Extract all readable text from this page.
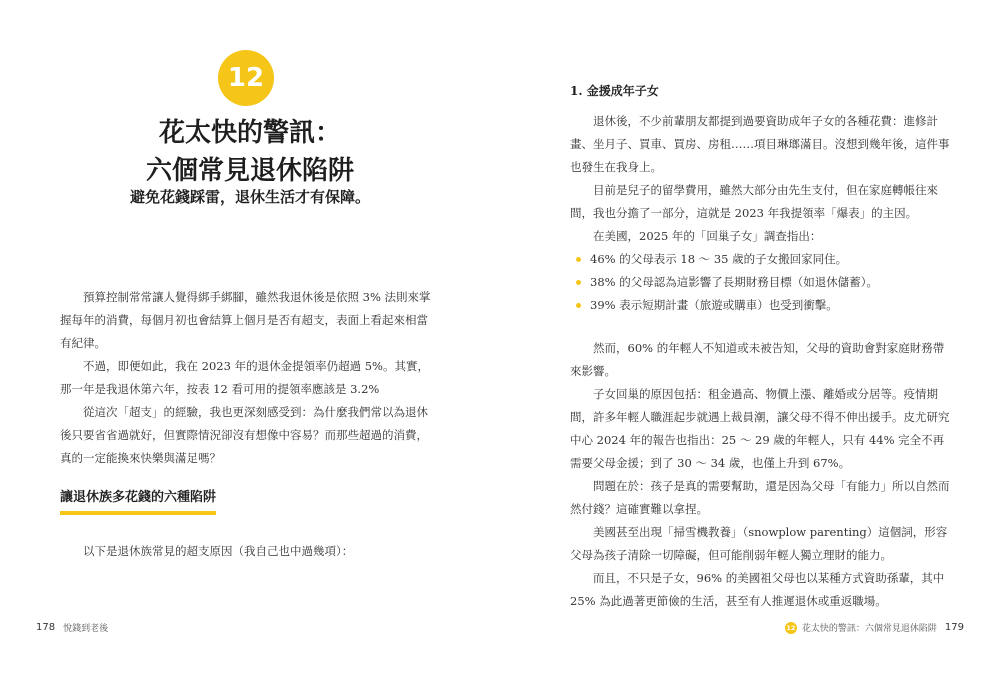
12
花太快的警訊：
六個常見退休陷阱
避免花錢踩雷，退休生活才有保障。

預算控制常常讓人覺得綁手綁腳，雖然我退休後是依照 3% 法則來掌握每年的消費，每個月初也會結算上個月是否有超支，表面上看起來相當有紀律。

不過，即便如此，我在 2023 年的退休金提領率仍超過 5%。其實，那一年是我退休第六年，按表 12 看可用的提領率應該是 3.2%

從這次「超支」的經驗，我也更深刻感受到：為什麼我們常以為退休後只要省省過就好，但實際情況卻沒有想像中容易？而那些超過的消費，真的一定能換來快樂與滿足嗎？

讓退休族多花錢的六種陷阱
以下是退休族常見的超支原因（我自己也中過幾項）：
178 悅錢到老後
1. 金援成年子女

退休後，不少前輩朋友都提到過要資助成年子女的各種花費：進修計畫、坐月子、買車、買房、房租……項目琳瑯滿目。沒想到幾年後，這件事也發生在我身上。

目前是兒子的留學費用，雖然大部分由先生支付，但在家庭轉帳往來間，我也分擔了一部分，這就是 2023 年我提領率「爆表」的主因。

在美國，2025 年的「回巢子女」調查指出：

46% 的父母表示 18 ～ 35 歲的子女搬回家同住。
38% 的父母認為這影響了長期財務目標（如退休儲蓄）。
39% 表示短期計畫（旅遊或購車）也受到衝擊。

然而，60% 的年輕人不知道或未被告知，父母的資助會對家庭財務帶來影響。

子女回巢的原因包括：租金過高、物價上漲、離婚或分居等。疫情期間，許多年輕人職涯起步就遇上裁員潮，讓父母不得不伸出援手。皮尤研究中心 2024 年的報告也指出：25 ～ 29 歲的年輕人，只有 44% 完全不再需要父母金援；到了 30 ～ 34 歲，也僅上升到 67%。

問題在於：孩子是真的需要幫助，還是因為父母「有能力」所以自然而然付錢？這確實難以拿捏。

美國甚至出現「掃雪機教養」（snowplow parenting）這個詞，形容父母為孩子清除一切障礙，但可能削弱年輕人獨立理財的能力。

而且，不只是子女，96% 的美國祖父母也以某種方式資助孫輩，其中 25% 為此過著更節儉的生活，甚至有人推遲退休或重返職場。

12 花太快的警訊：六個常見退休陷阱 179
